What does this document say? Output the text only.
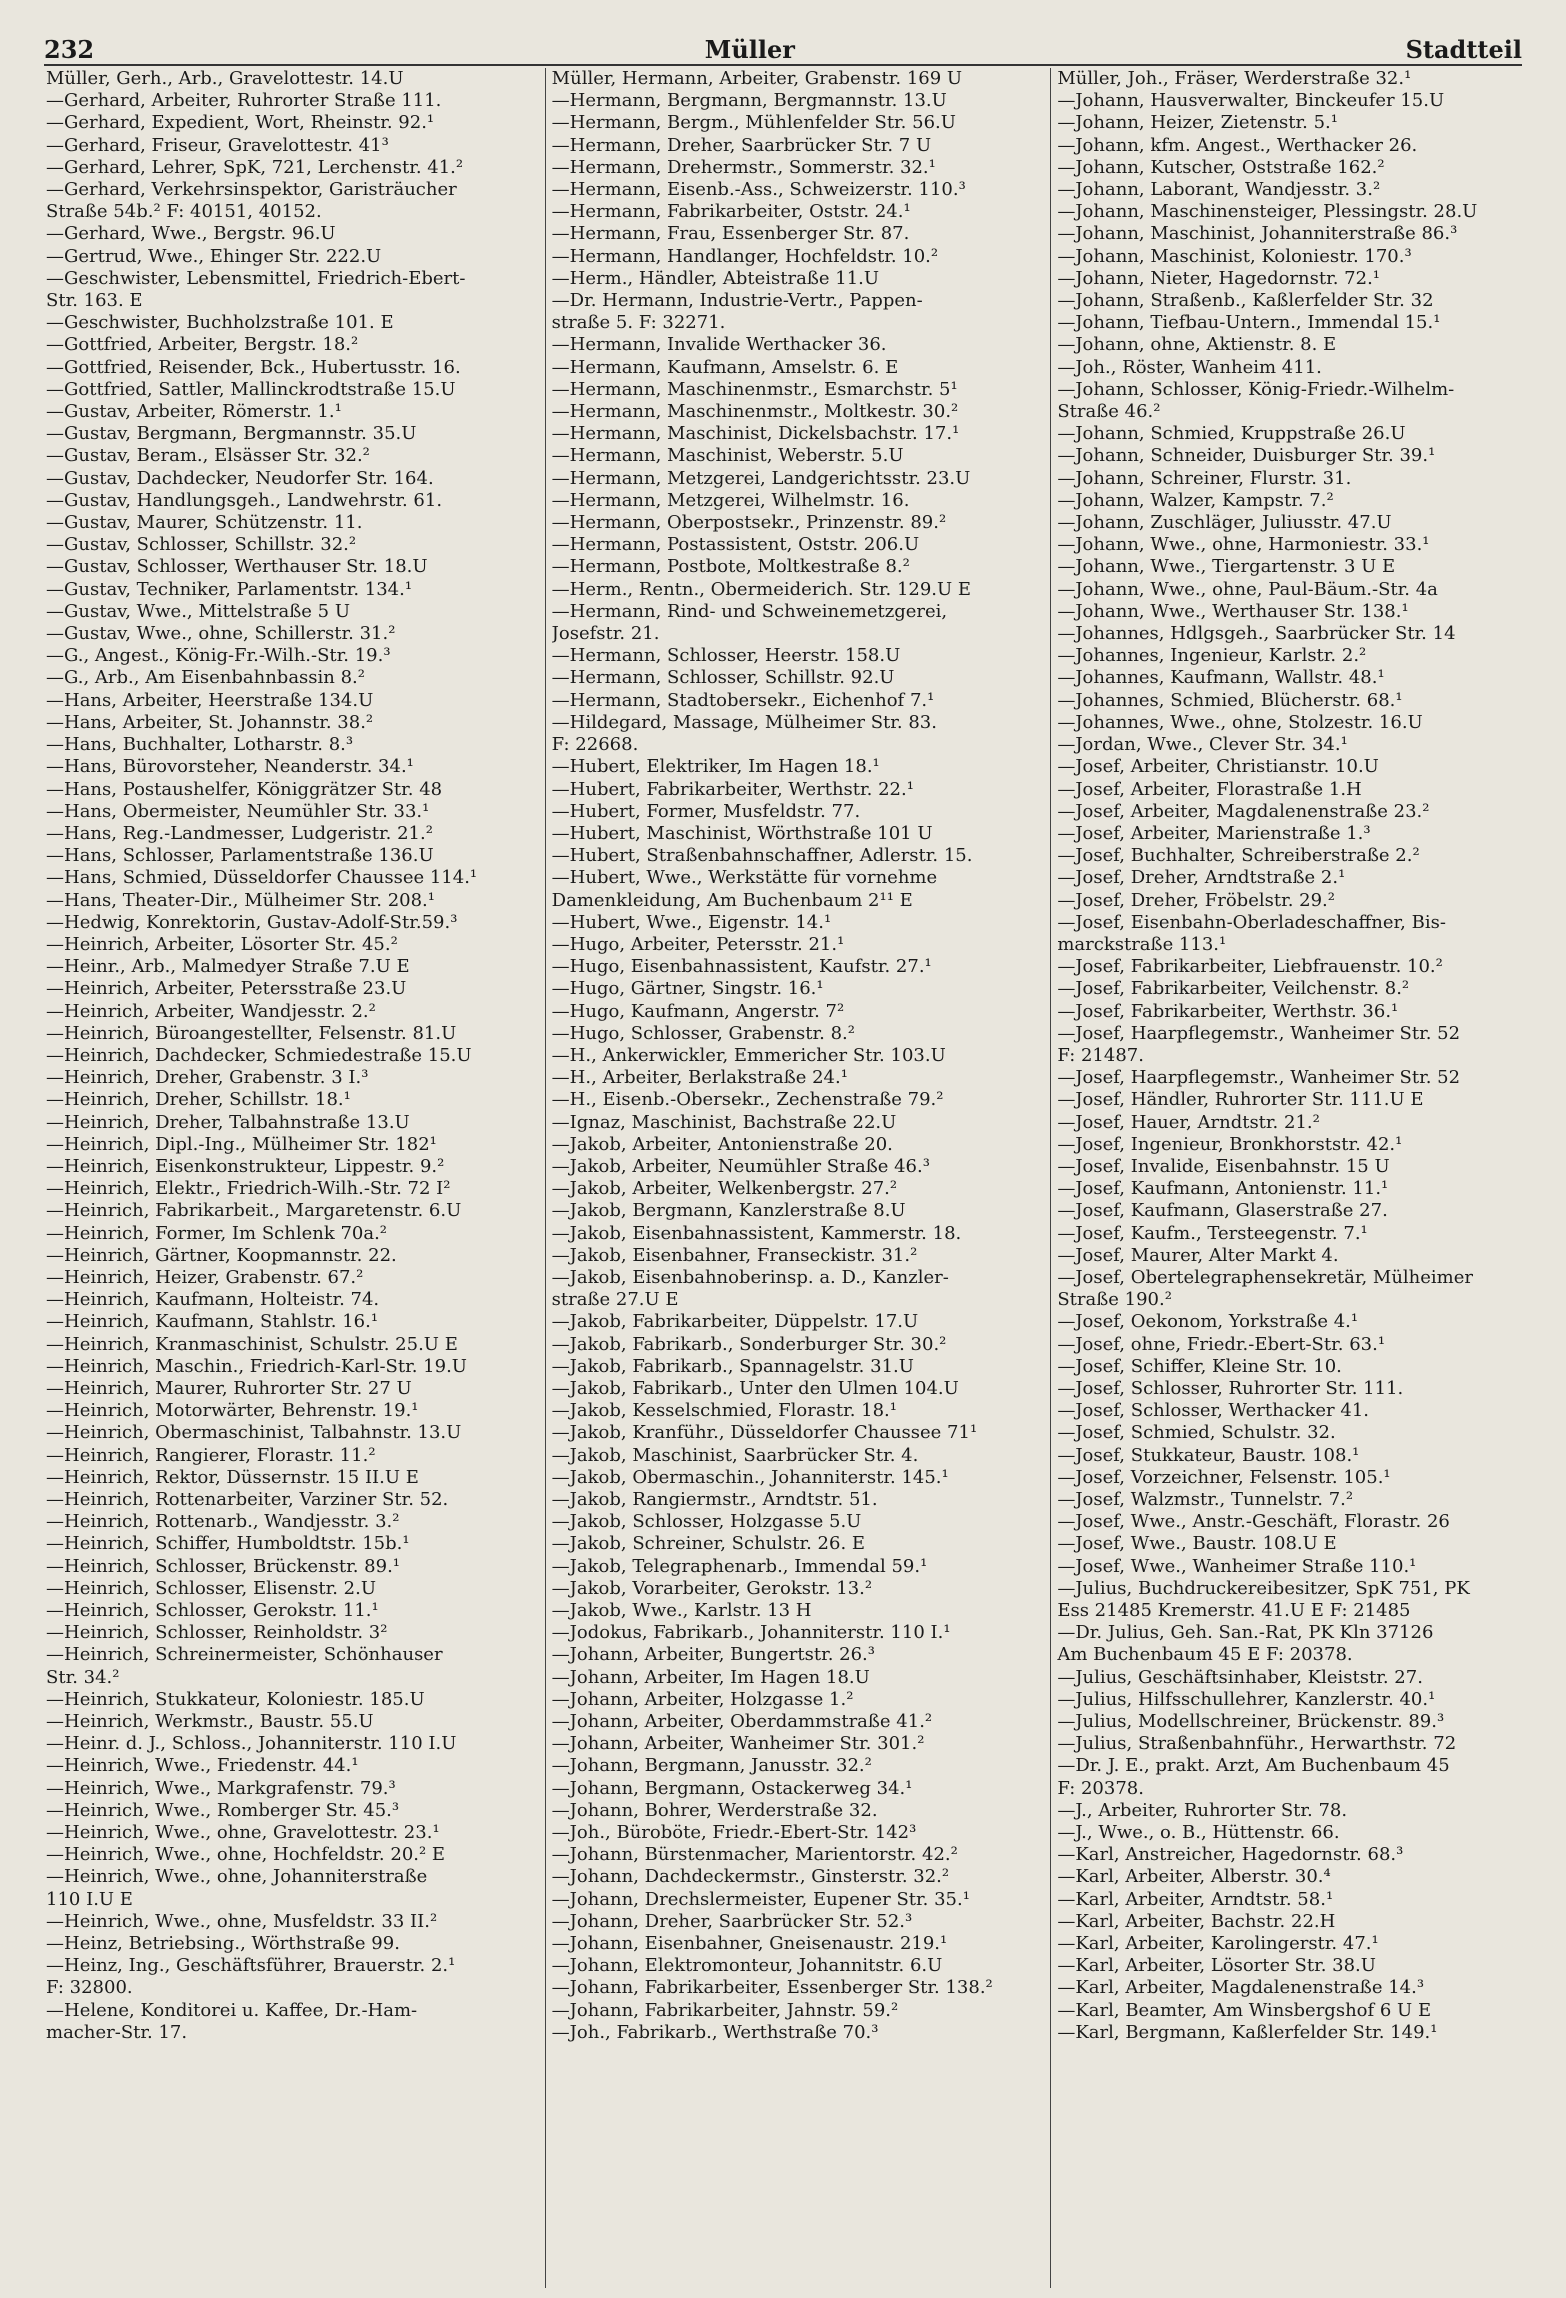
232	Müller	Stadtteil
Müller, Gerh., Arb., Gravelottestr. 14.U
—Gerhard, Arbeiter, Ruhrorter Straße 111.
—Gerhard, Expedient, Wort, Rheinstr. 92.¹
—Gerhard, Friseur, Gravelottestr. 41³
—Gerhard, Lehrer, SpK, 721, Lerchenstr. 41.²
—Gerhard, Verkehrsinspektor, Garisträucher
Straße 54b.² F: 40151, 40152.
—Gerhard, Wwe., Bergstr. 96.U
—Gertrud, Wwe., Ehinger Str. 222.U
—Geschwister, Lebensmittel, Friedrich-Ebert-
Str. 163. E
—Geschwister, Buchholzstraße 101. E
—Gottfried, Arbeiter, Bergstr. 18.²
—Gottfried, Reisender, Bck., Hubertusstr. 16.
—Gottfried, Sattler, Mallinckrodtstraße 15.U
—Gustav, Arbeiter, Römerstr. 1.¹
—Gustav, Bergmann, Bergmannstr. 35.U
—Gustav, Beram., Elsässer Str. 32.²
—Gustav, Dachdecker, Neudorfer Str. 164.
—Gustav, Handlungsgeh., Landwehrstr. 61.
—Gustav, Maurer, Schützenstr. 11.
—Gustav, Schlosser, Schillstr. 32.²
—Gustav, Schlosser, Werthauser Str. 18.U
—Gustav, Techniker, Parlamentstr. 134.¹
—Gustav, Wwe., Mittelstraße 5 U
—Gustav, Wwe., ohne, Schillerstr. 31.²
—G., Angest., König-Fr.-Wilh.-Str. 19.³
—G., Arb., Am Eisenbahnbassin 8.²
—Hans, Arbeiter, Heerstraße 134.U
—Hans, Arbeiter, St. Johannstr. 38.²
—Hans, Buchhalter, Lotharstr. 8.³
—Hans, Bürovorsteher, Neanderstr. 34.¹
—Hans, Postaushelfer, Königgrätzer Str. 48
—Hans, Obermeister, Neumühler Str. 33.¹
—Hans, Reg.-Landmesser, Ludgeristr. 21.²
—Hans, Schlosser, Parlamentstraße 136.U
—Hans, Schmied, Düsseldorfer Chaussee 114.¹
—Hans, Theater-Dir., Mülheimer Str. 208.¹
—Hedwig, Konrektorin, Gustav-Adolf-Str.59.³
—Heinrich, Arbeiter, Lösorter Str. 45.²
—Heinr., Arb., Malmedyer Straße 7.U E
—Heinrich, Arbeiter, Petersstraße 23.U
—Heinrich, Arbeiter, Wandjesstr. 2.²
—Heinrich, Büroangestellter, Felsenstr. 81.U
—Heinrich, Dachdecker, Schmiedestraße 15.U
—Heinrich, Dreher, Grabenstr. 3 I.³
—Heinrich, Dreher, Schillstr. 18.¹
—Heinrich, Dreher, Talbahnstraße 13.U
—Heinrich, Dipl.-Ing., Mülheimer Str. 182¹
—Heinrich, Eisenkonstrukteur, Lippestr. 9.²
—Heinrich, Elektr., Friedrich-Wilh.-Str. 72 I²
—Heinrich, Fabrikarbeit., Margaretenstr. 6.U
—Heinrich, Former, Im Schlenk 70a.²
—Heinrich, Gärtner, Koopmannstr. 22.
—Heinrich, Heizer, Grabenstr. 67.²
—Heinrich, Kaufmann, Holteistr. 74.
—Heinrich, Kaufmann, Stahlstr. 16.¹
—Heinrich, Kranmaschinist, Schulstr. 25.U E
—Heinrich, Maschin., Friedrich-Karl-Str. 19.U
—Heinrich, Maurer, Ruhrorter Str. 27 U
—Heinrich, Motorwärter, Behrenstr. 19.¹
—Heinrich, Obermaschinist, Talbahnstr. 13.U
—Heinrich, Rangierer, Florastr. 11.²
—Heinrich, Rektor, Düssernstr. 15 II.U E
—Heinrich, Rottenarbeiter, Varziner Str. 52.
—Heinrich, Rottenarb., Wandjesstr. 3.²
—Heinrich, Schiffer, Humboldtstr. 15b.¹
—Heinrich, Schlosser, Brückenstr. 89.¹
—Heinrich, Schlosser, Elisenstr. 2.U
—Heinrich, Schlosser, Gerokstr. 11.¹
—Heinrich, Schlosser, Reinholdstr. 3²
—Heinrich, Schreinermeister, Schönhauser
Str. 34.²
—Heinrich, Stukkateur, Koloniestr. 185.U
—Heinrich, Werkmstr., Baustr. 55.U
—Heinr. d. J., Schloss., Johanniterstr. 110 I.U
—Heinrich, Wwe., Friedenstr. 44.¹
—Heinrich, Wwe., Markgrafenstr. 79.³
—Heinrich, Wwe., Romberger Str. 45.³
—Heinrich, Wwe., ohne, Gravelottestr. 23.¹
—Heinrich, Wwe., ohne, Hochfeldstr. 20.² E
—Heinrich, Wwe., ohne, Johanniterstraße
110 I.U E
—Heinrich, Wwe., ohne, Musfeldstr. 33 II.²
—Heinz, Betriebsing., Wörthstraße 99.
—Heinz, Ing., Geschäftsführer, Brauerstr. 2.¹
F: 32800.
—Helene, Konditorei u. Kaffee, Dr.-Ham-
macher-Str. 17.
Müller, Hermann, Arbeiter, Grabenstr. 169 U
—Hermann, Bergmann, Bergmannstr. 13.U
—Hermann, Bergm., Mühlenfelder Str. 56.U
—Hermann, Dreher, Saarbrücker Str. 7 U
—Hermann, Drehermstr., Sommerstr. 32.¹
—Hermann, Eisenb.-Ass., Schweizerstr. 110.³
—Hermann, Fabrikarbeiter, Oststr. 24.¹
—Hermann, Frau, Essenberger Str. 87.
—Hermann, Handlanger, Hochfeldstr. 10.²
—Herm., Händler, Abteistraße 11.U
—Dr. Hermann, Industrie-Vertr., Pappen-
straße 5. F: 32271.
—Hermann, Invalide Werthacker 36.
—Hermann, Kaufmann, Amselstr. 6. E
—Hermann, Maschinenmstr., Esmarchstr. 5¹
—Hermann, Maschinenmstr., Moltkestr. 30.²
—Hermann, Maschinist, Dickelsbachstr. 17.¹
—Hermann, Maschinist, Weberstr. 5.U
—Hermann, Metzgerei, Landgerichtsstr. 23.U
—Hermann, Metzgerei, Wilhelmstr. 16.
—Hermann, Oberpostsekr., Prinzenstr. 89.²
—Hermann, Postassistent, Oststr. 206.U
—Hermann, Postbote, Moltkestraße 8.²
—Herm., Rentn., Obermeiderich. Str. 129.U E
—Hermann, Rind- und Schweinemetzgerei,
Josefstr. 21.
—Hermann, Schlosser, Heerstr. 158.U
—Hermann, Schlosser, Schillstr. 92.U
—Hermann, Stadtobersekr., Eichenhof 7.¹
—Hildegard, Massage, Mülheimer Str. 83.
F: 22668.
—Hubert, Elektriker, Im Hagen 18.¹
—Hubert, Fabrikarbeiter, Werthstr. 22.¹
—Hubert, Former, Musfeldstr. 77.
—Hubert, Maschinist, Wörthstraße 101 U
—Hubert, Straßenbahnschaffner, Adlerstr. 15.
—Hubert, Wwe., Werkstätte für vornehme
Damenkleidung, Am Buchenbaum 2¹¹ E
—Hubert, Wwe., Eigenstr. 14.¹
—Hugo, Arbeiter, Petersstr. 21.¹
—Hugo, Eisenbahnassistent, Kaufstr. 27.¹
—Hugo, Gärtner, Singstr. 16.¹
—Hugo, Kaufmann, Angerstr. 7²
—Hugo, Schlosser, Grabenstr. 8.²
—H., Ankerwickler, Emmericher Str. 103.U
—H., Arbeiter, Berlakstraße 24.¹
—H., Eisenb.-Obersekr., Zechenstraße 79.²
—Ignaz, Maschinist, Bachstraße 22.U
—Jakob, Arbeiter, Antonienstraße 20.
—Jakob, Arbeiter, Neumühler Straße 46.³
—Jakob, Arbeiter, Welkenbergstr. 27.²
—Jakob, Bergmann, Kanzlerstraße 8.U
—Jakob, Eisenbahnassistent, Kammerstr. 18.
—Jakob, Eisenbahner, Franseckistr. 31.²
—Jakob, Eisenbahnoberinsp. a. D., Kanzler-
straße 27.U E
—Jakob, Fabrikarbeiter, Düppelstr. 17.U
—Jakob, Fabrikarb., Sonderburger Str. 30.²
—Jakob, Fabrikarb., Spannagelstr. 31.U
—Jakob, Fabrikarb., Unter den Ulmen 104.U
—Jakob, Kesselschmied, Florastr. 18.¹
—Jakob, Kranführ., Düsseldorfer Chaussee 71¹
—Jakob, Maschinist, Saarbrücker Str. 4.
—Jakob, Obermaschin., Johanniterstr. 145.¹
—Jakob, Rangiermstr., Arndtstr. 51.
—Jakob, Schlosser, Holzgasse 5.U
—Jakob, Schreiner, Schulstr. 26. E
—Jakob, Telegraphenarb., Immendal 59.¹
—Jakob, Vorarbeiter, Gerokstr. 13.²
—Jakob, Wwe., Karlstr. 13 H
—Jodokus, Fabrikarb., Johanniterstr. 110 I.¹
—Johann, Arbeiter, Bungertstr. 26.³
—Johann, Arbeiter, Im Hagen 18.U
—Johann, Arbeiter, Holzgasse 1.²
—Johann, Arbeiter, Oberdammstraße 41.²
—Johann, Arbeiter, Wanheimer Str. 301.²
—Johann, Bergmann, Janusstr. 32.²
—Johann, Bergmann, Ostackerweg 34.¹
—Johann, Bohrer, Werderstraße 32.
—Joh., Büroböte, Friedr.-Ebert-Str. 142³
—Johann, Bürstenmacher, Marientorstr. 42.²
—Johann, Dachdeckermstr., Ginsterstr. 32.²
—Johann, Drechslermeister, Eupener Str. 35.¹
—Johann, Dreher, Saarbrücker Str. 52.³
—Johann, Eisenbahner, Gneisenaustr. 219.¹
—Johann, Elektromonteur, Johannitstr. 6.U
—Johann, Fabrikarbeiter, Essenberger Str. 138.²
—Johann, Fabrikarbeiter, Jahnstr. 59.²
—Joh., Fabrikarb., Werthstraße 70.³
Müller, Joh., Fräser, Werderstraße 32.¹
—Johann, Hausverwalter, Binckeufer 15.U
—Johann, Heizer, Zietenstr. 5.¹
—Johann, kfm. Angest., Werthacker 26.
—Johann, Kutscher, Oststraße 162.²
—Johann, Laborant, Wandjesstr. 3.²
—Johann, Maschinensteiger, Plessingstr. 28.U
—Johann, Maschinist, Johanniterstraße 86.³
—Johann, Maschinist, Koloniestr. 170.³
—Johann, Nieter, Hagedornstr. 72.¹
—Johann, Straßenb., Kaßlerfelder Str. 32
—Johann, Tiefbau-Untern., Immendal 15.¹
—Johann, ohne, Aktienstr. 8. E
—Joh., Röster, Wanheim 411.
—Johann, Schlosser, König-Friedr.-Wilhelm-
Straße 46.²
—Johann, Schmied, Kruppstraße 26.U
—Johann, Schneider, Duisburger Str. 39.¹
—Johann, Schreiner, Flurstr. 31.
—Johann, Walzer, Kampstr. 7.²
—Johann, Zuschläger, Juliusstr. 47.U
—Johann, Wwe., ohne, Harmoniestr. 33.¹
—Johann, Wwe., Tiergartenstr. 3 U E
—Johann, Wwe., ohne, Paul-Bäum.-Str. 4a
—Johann, Wwe., Werthauser Str. 138.¹
—Johannes, Hdlgsgeh., Saarbrücker Str. 14
—Johannes, Ingenieur, Karlstr. 2.²
—Johannes, Kaufmann, Wallstr. 48.¹
—Johannes, Schmied, Blücherstr. 68.¹
—Johannes, Wwe., ohne, Stolzestr. 16.U
—Jordan, Wwe., Clever Str. 34.¹
—Josef, Arbeiter, Christianstr. 10.U
—Josef, Arbeiter, Florastraße 1.H
—Josef, Arbeiter, Magdalenenstraße 23.²
—Josef, Arbeiter, Marienstraße 1.³
—Josef, Buchhalter, Schreiberstraße 2.²
—Josef, Dreher, Arndtstraße 2.¹
—Josef, Dreher, Fröbelstr. 29.²
—Josef, Eisenbahn-Oberladeschaffner, Bis-
marckstraße 113.¹
—Josef, Fabrikarbeiter, Liebfrauenstr. 10.²
—Josef, Fabrikarbeiter, Veilchenstr. 8.²
—Josef, Fabrikarbeiter, Werthstr. 36.¹
—Josef, Haarpflegemstr., Wanheimer Str. 52
F: 21487.
—Josef, Haarpflegemstr., Wanheimer Str. 52
—Josef, Händler, Ruhrorter Str. 111.U E
—Josef, Hauer, Arndtstr. 21.²
—Josef, Ingenieur, Bronkhorststr. 42.¹
—Josef, Invalide, Eisenbahnstr. 15 U
—Josef, Kaufmann, Antonienstr. 11.¹
—Josef, Kaufmann, Glaserstraße 27.
—Josef, Kaufm., Tersteegenstr. 7.¹
—Josef, Maurer, Alter Markt 4.
—Josef, Obertelegraphensekretär, Mülheimer
Straße 190.²
—Josef, Oekonom, Yorkstraße 4.¹
—Josef, ohne, Friedr.-Ebert-Str. 63.¹
—Josef, Schiffer, Kleine Str. 10.
—Josef, Schlosser, Ruhrorter Str. 111.
—Josef, Schlosser, Werthacker 41.
—Josef, Schmied, Schulstr. 32.
—Josef, Stukkateur, Baustr. 108.¹
—Josef, Vorzeichner, Felsenstr. 105.¹
—Josef, Walzmstr., Tunnelstr. 7.²
—Josef, Wwe., Anstr.-Geschäft, Florastr. 26
—Josef, Wwe., Baustr. 108.U E
—Josef, Wwe., Wanheimer Straße 110.¹
—Julius, Buchdruckereibesitzer, SpK 751, PK
Ess 21485 Kremerstr. 41.U E F: 21485
—Dr. Julius, Geh. San.-Rat, PK Kln 37126
Am Buchenbaum 45 E F: 20378.
—Julius, Geschäftsinhaber, Kleiststr. 27.
—Julius, Hilfsschullehrer, Kanzlerstr. 40.¹
—Julius, Modellschreiner, Brückenstr. 89.³
—Julius, Straßenbahnführ., Herwarthstr. 72
—Dr. J. E., prakt. Arzt, Am Buchenbaum 45
F: 20378.
—J., Arbeiter, Ruhrorter Str. 78.
—J., Wwe., o. B., Hüttenstr. 66.
—Karl, Anstreicher, Hagedornstr. 68.³
—Karl, Arbeiter, Alberstr. 30.⁴
—Karl, Arbeiter, Arndtstr. 58.¹
—Karl, Arbeiter, Bachstr. 22.H
—Karl, Arbeiter, Karolingerstr. 47.¹
—Karl, Arbeiter, Lösorter Str. 38.U
—Karl, Arbeiter, Magdalenenstraße 14.³
—Karl, Beamter, Am Winsbergshof 6 U E
—Karl, Bergmann, Kaßlerfelder Str. 149.¹
